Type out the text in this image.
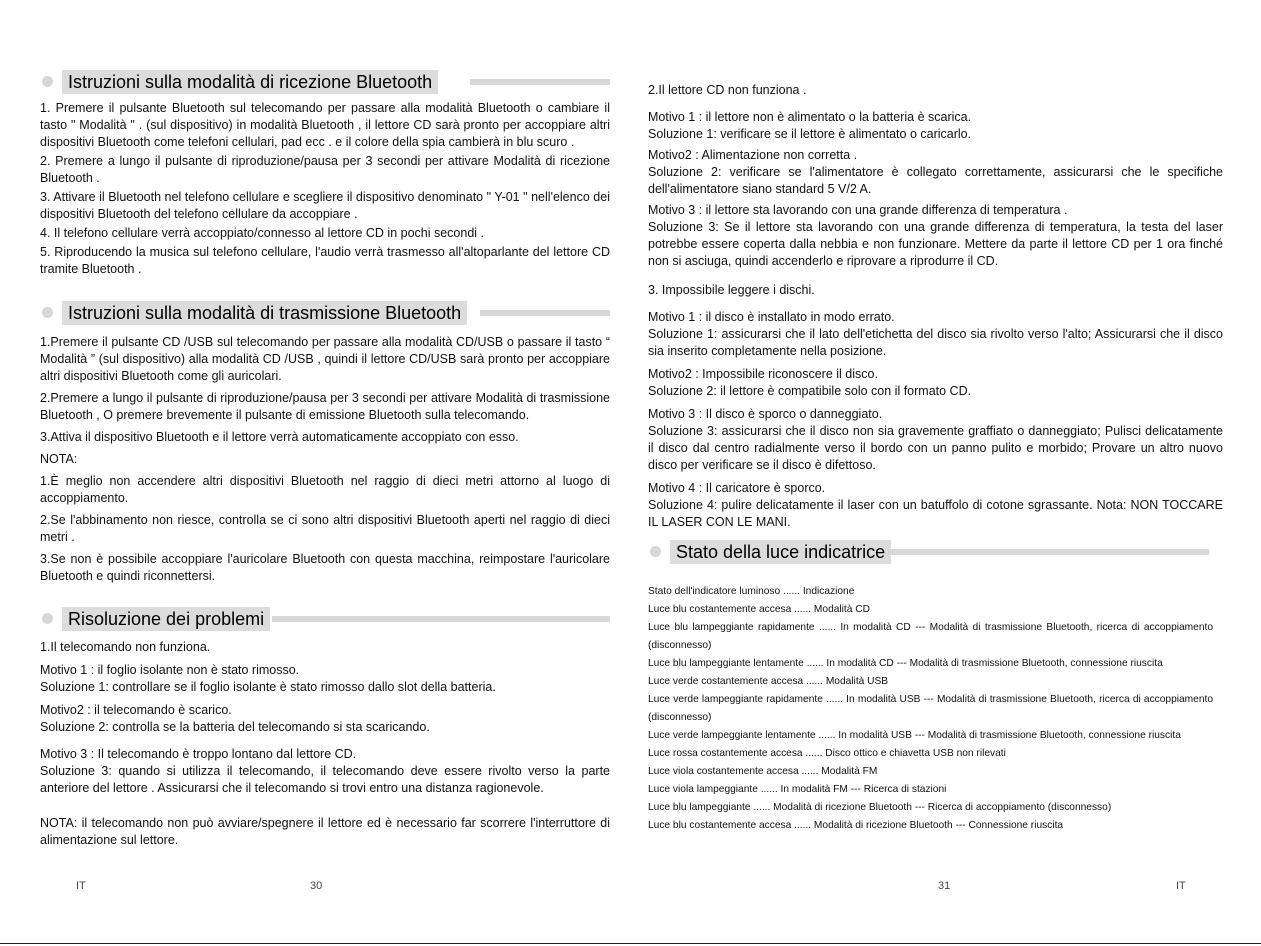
Istruzioni sulla modalità di ricezione Bluetooth

1. Premere il pulsante Bluetooth sul telecomando per passare alla modalità Bluetooth o cambiare il tasto " Modalità " . (sul dispositivo) in modalità Bluetooth , il lettore CD sarà pronto per accoppiare altri dispositivi Bluetooth come telefoni cellulari, pad ecc . e il colore della spia cambierà in blu scuro .

2. Premere a lungo il pulsante di riproduzione/pausa per 3 secondi per attivare Modalità di ricezione Bluetooth .

3. Attivare il Bluetooth nel telefono cellulare e scegliere il dispositivo denominato " Y-01 " nell'elenco dei dispositivi Bluetooth del telefono cellulare da accoppiare .

4. Il telefono cellulare verrà accoppiato/connesso al lettore CD in pochi secondi .

5. Riproducendo la musica sul telefono cellulare, l'audio verrà trasmesso all'altoparlante del lettore CD tramite Bluetooth .

Istruzioni sulla modalità di trasmissione Bluetooth

1.Premere il pulsante CD /USB sul telecomando per passare alla modalità CD/USB o passare il tasto “ Modalità ” (sul dispositivo) alla modalità CD /USB , quindi il lettore CD/USB sarà pronto per accoppiare altri dispositivi Bluetooth come gli auricolari.

2.Premere a lungo il pulsante di riproduzione/pausa per 3 secondi per attivare Modalità di trasmissione Bluetooth , O premere brevemente il pulsante di emissione Bluetooth sulla telecomando.

3.Attiva il dispositivo Bluetooth e il lettore verrà automaticamente accoppiato con esso.

NOTA:

1.È meglio non accendere altri dispositivi Bluetooth nel raggio di dieci metri attorno al luogo di accoppiamento.

2.Se l'abbinamento non riesce, controlla se ci sono altri dispositivi Bluetooth aperti nel raggio di dieci metri .

3.Se non è possibile accoppiare l'auricolare Bluetooth con questa macchina, reimpostare l'auricolare Bluetooth e quindi riconnettersi.

Risoluzione dei problemi

1.Il telecomando non funziona.

Motivo 1 : il foglio isolante non è stato rimosso.

Soluzione 1: controllare se il foglio isolante è stato rimosso dallo slot della batteria.

Motivo2 : il telecomando è scarico.

Soluzione 2: controlla se la batteria del telecomando si sta scaricando.

Motivo 3 : Il telecomando è troppo lontano dal lettore CD.

Soluzione 3: quando si utilizza il telecomando, il telecomando deve essere rivolto verso la parte anteriore del lettore . Assicurarsi che il telecomando si trovi entro una distanza ragionevole.

NOTA: il telecomando non può avviare/spegnere il lettore ed è necessario far scorrere l'interruttore di alimentazione sul lettore.

IT	30

2.Il lettore CD non funziona .

Motivo 1 : il lettore non è alimentato o la batteria è scarica.

Soluzione 1: verificare se il lettore è alimentato o caricarlo.

Motivo2 : Alimentazione non corretta .

Soluzione 2: verificare se l'alimentatore è collegato correttamente, assicurarsi che le specifiche dell'alimentatore siano standard 5 V/2 A.

Motivo 3 : il lettore sta lavorando con una grande differenza di temperatura .

Soluzione 3: Se il lettore sta lavorando con una grande differenza di temperatura, la testa del laser potrebbe essere coperta dalla nebbia e non funzionare. Mettere da parte il lettore CD per 1 ora finché non si asciuga, quindi accenderlo e riprovare a riprodurre il CD.

3. Impossibile leggere i dischi.

Motivo 1 : il disco è installato in modo errato.

Soluzione 1: assicurarsi che il lato dell'etichetta del disco sia rivolto verso l'alto; Assicurarsi che il disco sia inserito completamente nella posizione.

Motivo2 : Impossibile riconoscere il disco.

Soluzione 2: il lettore è compatibile solo con il formato CD.

Motivo 3 : Il disco è sporco o danneggiato.

Soluzione 3: assicurarsi che il disco non sia gravemente graffiato o danneggiato; Pulisci delicatamente il disco dal centro radialmente verso il bordo con un panno pulito e morbido; Provare un altro nuovo disco per verificare se il disco è difettoso.

Motivo 4 : Il caricatore è sporco.

Soluzione 4: pulire delicatamente il laser con un batuffolo di cotone sgrassante. Nota: NON TOCCARE IL LASER CON LE MANI.

Stato della luce indicatrice

Stato dell'indicatore luminoso ...... Indicazione

Luce blu costantemente accesa ...... Modalità CD

Luce blu lampeggiante rapidamente ...... In modalità CD --- Modalità di trasmissione Bluetooth, ricerca di accoppiamento (disconnesso)

Luce blu lampeggiante lentamente ...... In modalità CD --- Modalità di trasmissione Bluetooth, connessione riuscita

Luce verde costantemente accesa ...... Modalità USB

Luce verde lampeggiante rapidamente ...... In modalità USB --- Modalità di trasmissione Bluetooth, ricerca di accoppiamento (disconnesso)

Luce verde lampeggiante lentamente ...... In modalità USB --- Modalità di trasmissione Bluetooth, connessione riuscita

Luce rossa costantemente accesa ...... Disco ottico e chiavetta USB non rilevati

Luce viola costantemente accesa ...... Modalità FM

Luce viola lampeggiante ...... In modalità FM --- Ricerca di stazioni

Luce blu lampeggiante ...... Modalità di ricezione Bluetooth --- Ricerca di accoppiamento (disconnesso)

Luce blu costantemente accesa ...... Modalità di ricezione Bluetooth --- Connessione riuscita

31	IT
